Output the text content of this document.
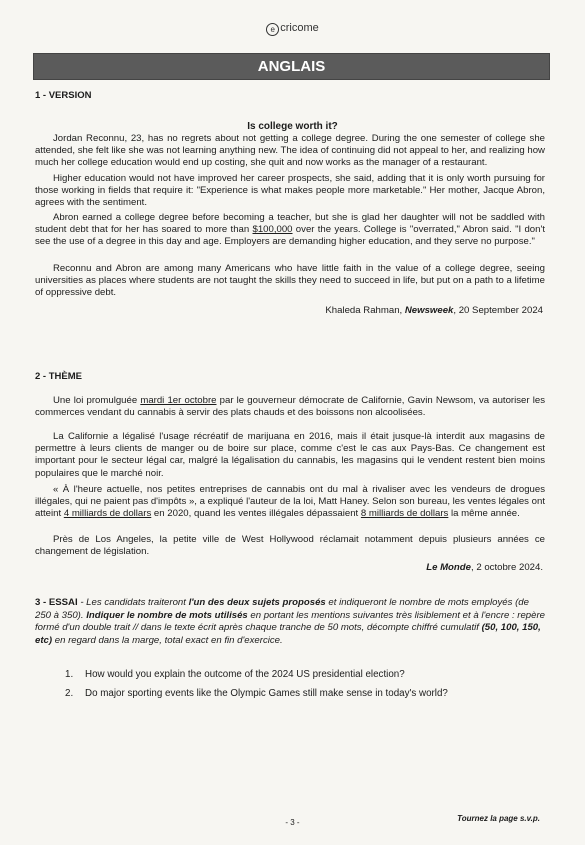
e cricome
ANGLAIS
1 - VERSION
Is college worth it?
Jordan Reconnu, 23, has no regrets about not getting a college degree. During the one semester of college she attended, she felt like she was not learning anything new. The idea of continuing did not appeal to her, and realizing how much her college education would end up costing, she quit and now works as the manager of a restaurant.
Higher education would not have improved her career prospects, she said, adding that it is only worth pursuing for those working in fields that require it: "Experience is what makes people more marketable." Her mother, Jacque Abron, agrees with the sentiment.
Abron earned a college degree before becoming a teacher, but she is glad her daughter will not be saddled with student debt that for her has soared to more than $100,000 over the years. College is "overrated," Abron said. "I don't see the use of a degree in this day and age. Employers are demanding higher education, and they serve no purpose."
Reconnu and Abron are among many Americans who have little faith in the value of a college degree, seeing universities as places where students are not taught the skills they need to succeed in life, but put on a path to a lifetime of oppressive debt.
Khaleda Rahman, Newsweek, 20 September 2024
2 - THÈME
Une loi promulguée mardi 1er octobre par le gouverneur démocrate de Californie, Gavin Newsom, va autoriser les commerces vendant du cannabis à servir des plats chauds et des boissons non alcoolisées.
La Californie a légalisé l'usage récréatif de marijuana en 2016, mais il était jusque-là interdit aux magasins de permettre à leurs clients de manger ou de boire sur place, comme c'est le cas aux Pays-Bas. Ce changement est important pour le secteur légal car, malgré la légalisation du cannabis, les magasins qui le vendent restent bien moins populaires que le marché noir.
« À l'heure actuelle, nos petites entreprises de cannabis ont du mal à rivaliser avec les vendeurs de drogues illégales, qui ne paient pas d'impôts », a expliqué l'auteur de la loi, Matt Haney. Selon son bureau, les ventes légales ont atteint 4 milliards de dollars en 2020, quand les ventes illégales dépassaient 8 milliards de dollars la même année.
Près de Los Angeles, la petite ville de West Hollywood réclamait notamment depuis plusieurs années ce changement de législation.
Le Monde, 2 octobre 2024.
3 - ESSAI - Les candidats traiteront l'un des deux sujets proposés et indiqueront le nombre de mots employés (de 250 à 350). Indiquer le nombre de mots utilisés en portant les mentions suivantes très lisiblement et à l'encre : repère formé d'un double trait // dans le texte écrit après chaque tranche de 50 mots, décompte chiffré cumulatif (50, 100, 150, etc) en regard dans la marge, total exact en fin d'exercice.
1. How would you explain the outcome of the 2024 US presidential election?
2. Do major sporting events like the Olympic Games still make sense in today's world?
- 3 -	Tournez la page s.v.p.
